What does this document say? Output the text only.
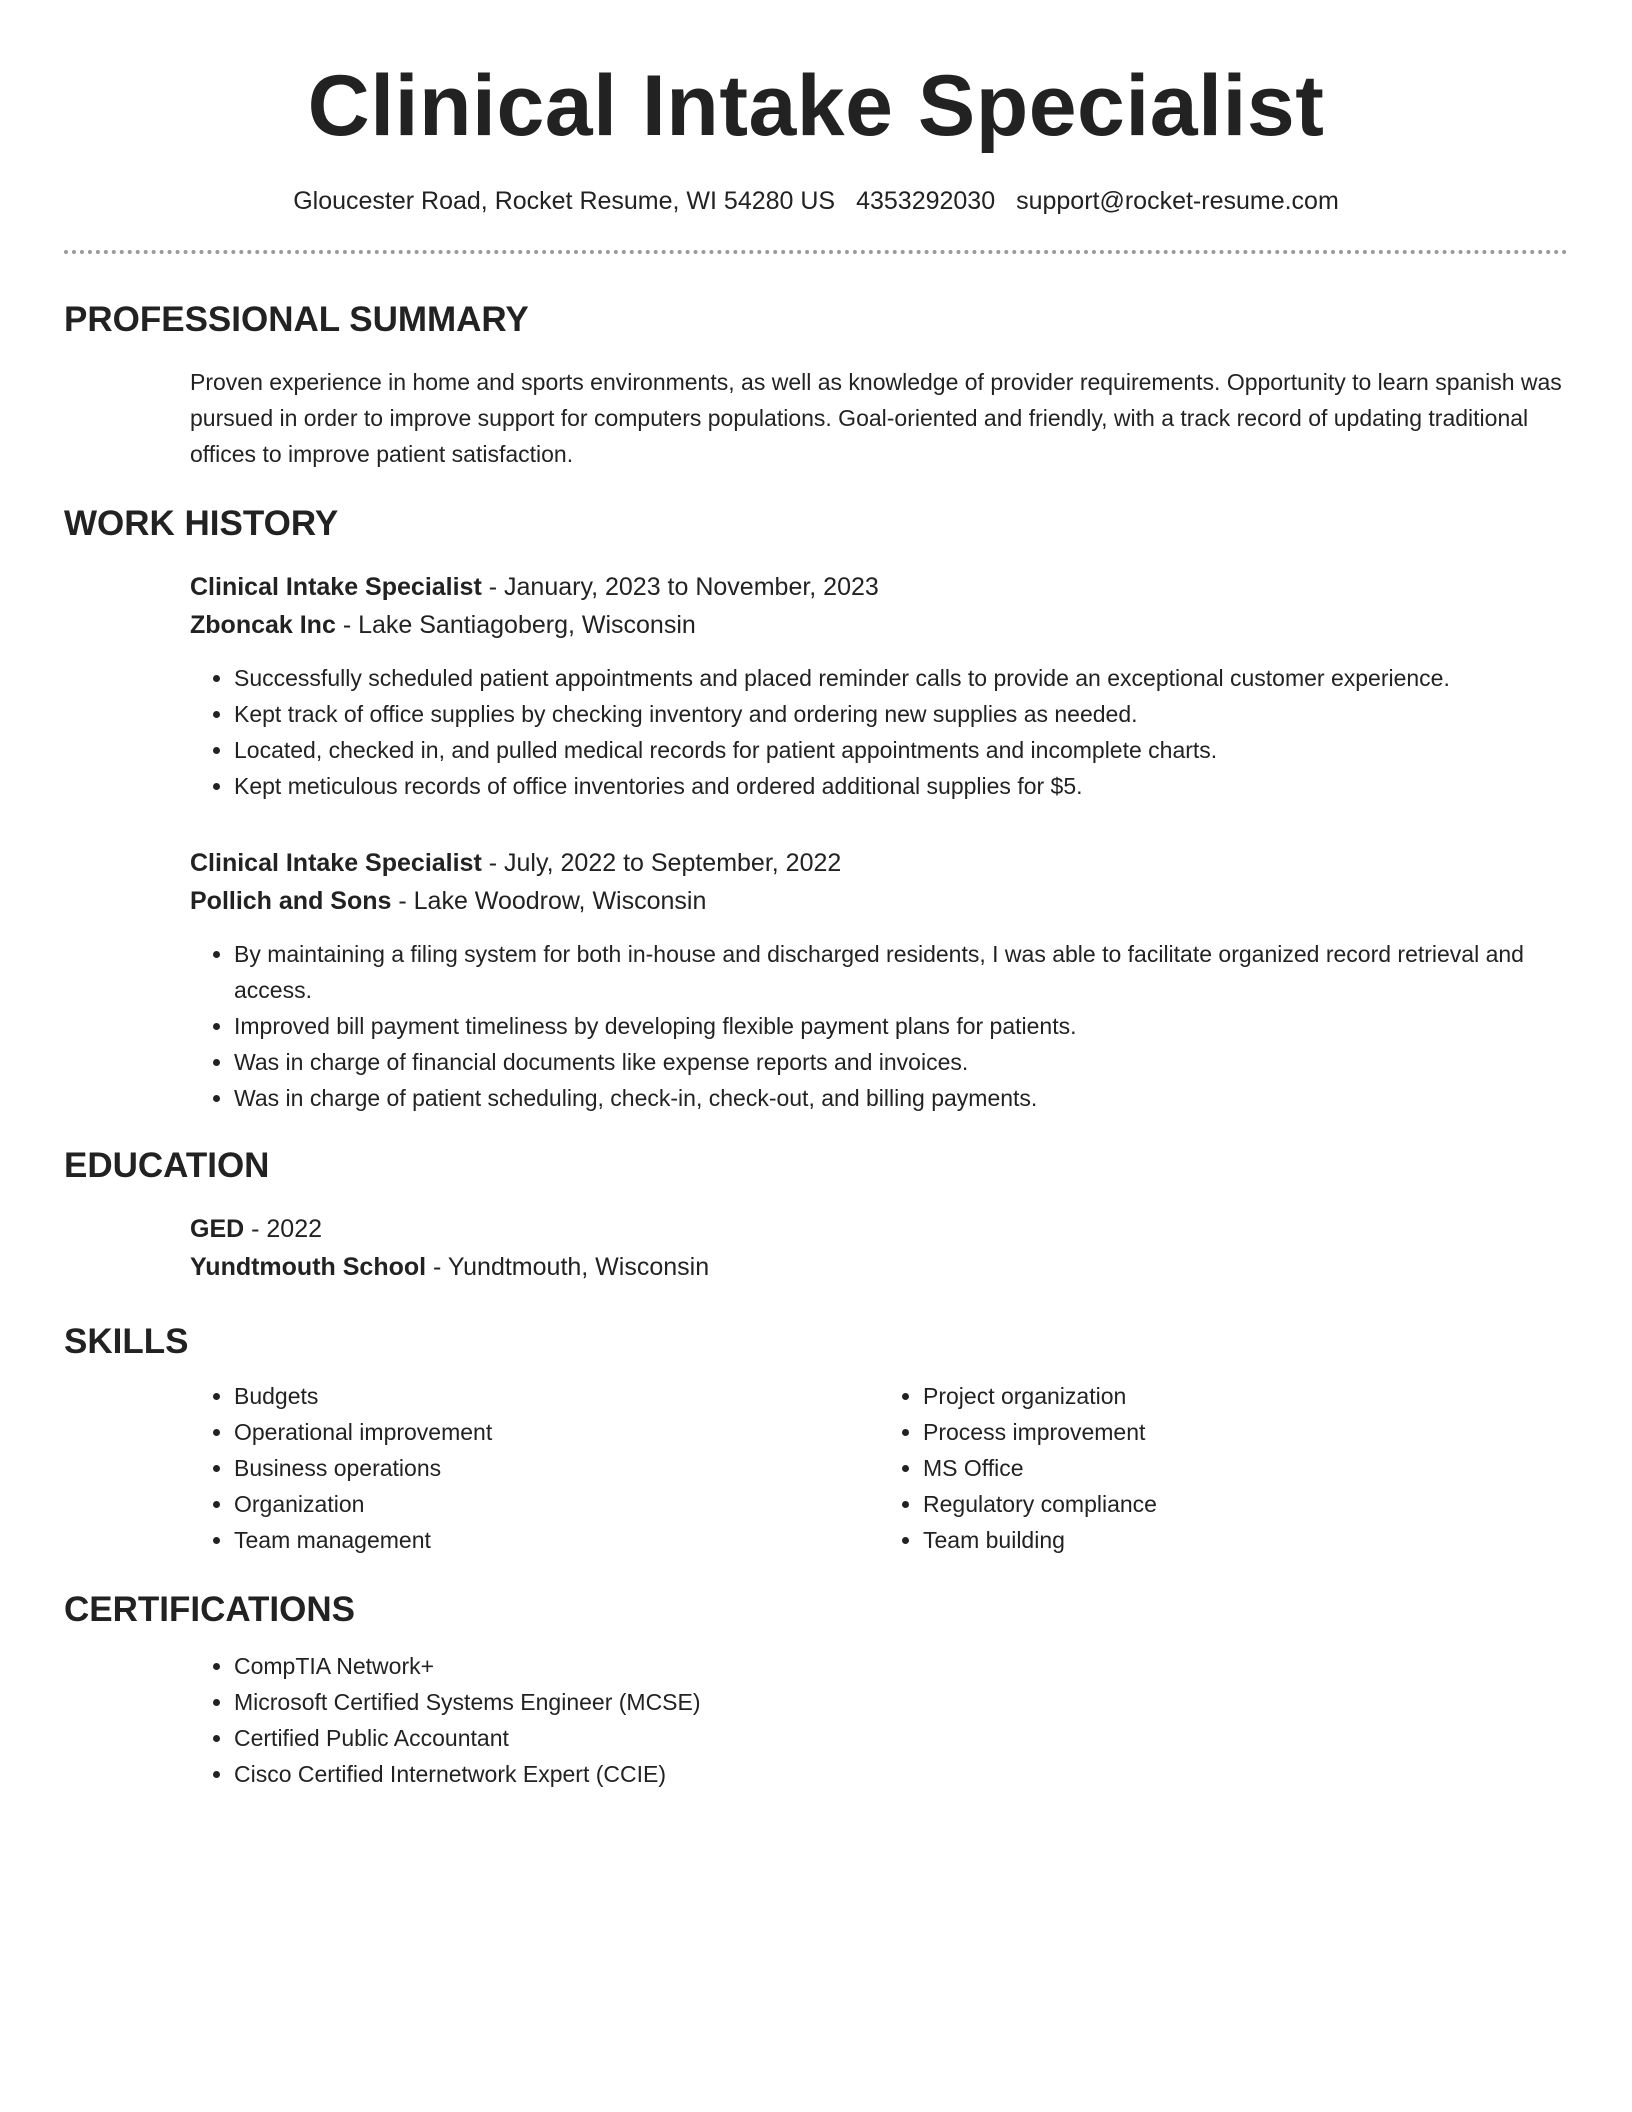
Clinical Intake Specialist
Gloucester Road, Rocket Resume, WI 54280 US 4353292030 support@rocket-resume.com
PROFESSIONAL SUMMARY
Proven experience in home and sports environments, as well as knowledge of provider requirements. Opportunity to learn spanish was pursued in order to improve support for computers populations. Goal-oriented and friendly, with a track record of updating traditional offices to improve patient satisfaction.
WORK HISTORY
Clinical Intake Specialist - January, 2023 to November, 2023
Zboncak Inc - Lake Santiagoberg, Wisconsin
• Successfully scheduled patient appointments and placed reminder calls to provide an exceptional customer experience.
• Kept track of office supplies by checking inventory and ordering new supplies as needed.
• Located, checked in, and pulled medical records for patient appointments and incomplete charts.
• Kept meticulous records of office inventories and ordered additional supplies for $5.
Clinical Intake Specialist - July, 2022 to September, 2022
Pollich and Sons - Lake Woodrow, Wisconsin
• By maintaining a filing system for both in-house and discharged residents, I was able to facilitate organized record retrieval and access.
• Improved bill payment timeliness by developing flexible payment plans for patients.
• Was in charge of financial documents like expense reports and invoices.
• Was in charge of patient scheduling, check-in, check-out, and billing payments.
EDUCATION
GED - 2022
Yundtmouth School - Yundtmouth, Wisconsin
SKILLS
• Budgets
• Operational improvement
• Business operations
• Organization
• Team management
• Project organization
• Process improvement
• MS Office
• Regulatory compliance
• Team building
CERTIFICATIONS
• CompTIA Network+
• Microsoft Certified Systems Engineer (MCSE)
• Certified Public Accountant
• Cisco Certified Internetwork Expert (CCIE)
